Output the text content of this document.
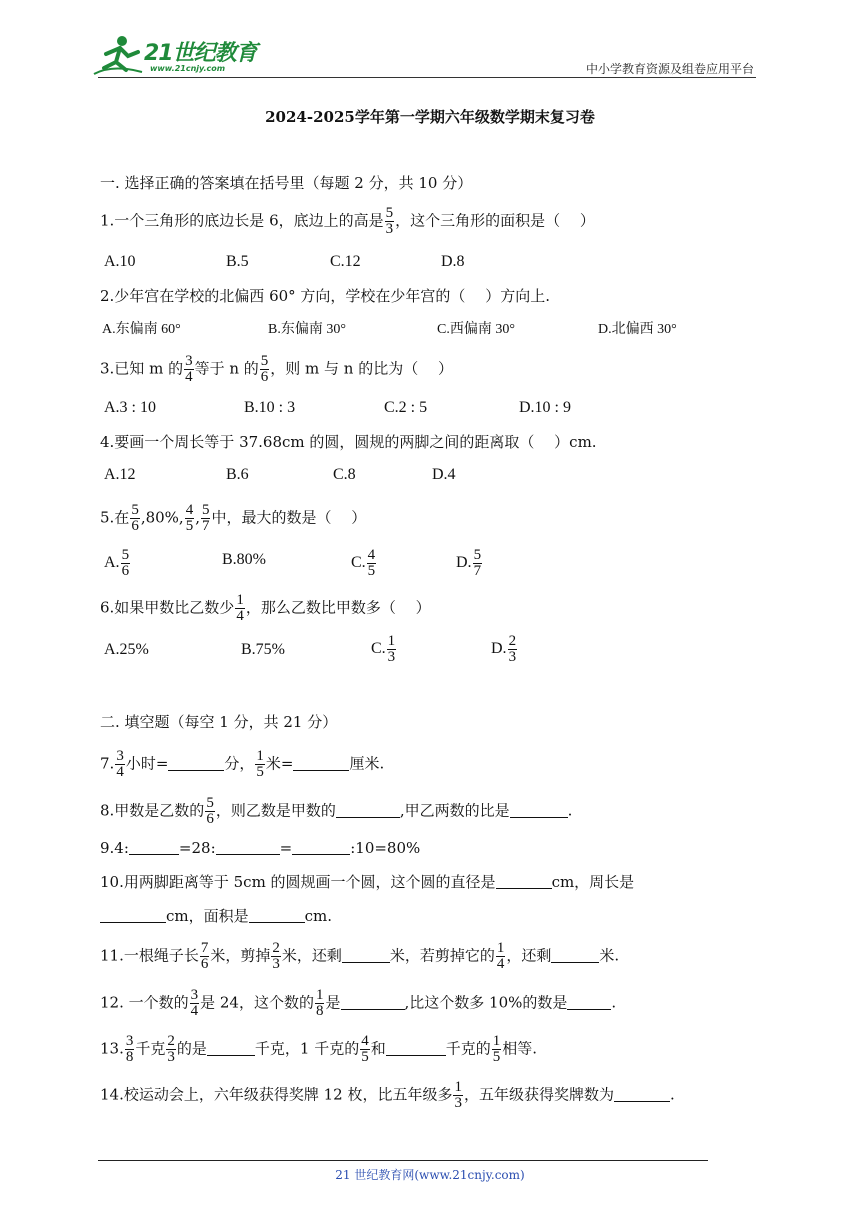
21世纪教育
www.21cnjy.com	中小学教育资源及组卷应用平台
2024-2025学年第一学期六年级数学期末复习卷
一. 选择正确的答案填在括号里（每题 2 分，共 10 分）
1.一个三角形的底边长是 6，底边上的高是 $\frac{5}{3}$ ，这个三角形的面积是（　 ）
A.10	B.5	C.12	D.8
2.少年宫在学校的北偏西 60° 方向，学校在少年宫的（　 ）方向上.
A.东偏南 60°	B.东偏南 30°	C.西偏南 30°	D.北偏西 30°
3.已知 m 的 $\frac{3}{4}$ 等于 n 的 $\frac{5}{6}$ ，则 m 与 n 的比为（　 ）
A.3 : 10	B.10 : 3	C.2 : 5	D.10 : 9
4.要画一个周长等于 37.68cm 的圆，圆规的两脚之间的距离取（　 ）cm.
A.12	B.6	C.8	D.4
5.在 $\frac{5}{6} ,80\%$, $\frac{4}{5}$ , $\frac{5}{7}$ 中，最大的数是（　 ）
A. $\frac{5}{6}$	B.80%	C. $\frac{4}{5}$	D. $\frac{5}{7}$
6.如果甲数比乙数少 $\frac{1}{4}$ ，那么乙数比甲数多（　 ）
A.25%	B.75%	C. $\frac{1}{3}$	D. $\frac{2}{3}$
二. 填空题（每空 1 分，共 21 分）
7. $\frac{3}{4}$ 小时=	分， $\frac{1}{5}$ 米=	厘米.
8.甲数是乙数的 $\frac{5}{6}$ ，则乙数是甲数的	,甲乙两数的比是	.
9.4:	=28:	=	:10=80%
10.用两脚距离等于 5cm 的圆规画一个圆，这个圆的直径是	cm，周长是
cm，面积是	cm.
11.一根绳子长 $\frac{7}{6}$ 米，剪掉 $\frac{2}{3}$ 米，还剩	米，若剪掉它的 $\frac{1}{4}$ ，还剩	米.
12. 一个数的 $\frac{3}{4}$ 是 24，这个数的 $\frac{1}{8}$ 是	,比这个数多 10%的数是	.
13. $\frac{3}{8}$ 千克 $\frac{2}{3}$ 的是	千克，1 千克的 $\frac{4}{5}$ 和	千克的 $\frac{1}{5}$ 相等.
14.校运动会上，六年级获得奖牌 12 枚，比五年级多 $\frac{1}{3}$ ，五年级获得奖牌数为	.
21 世纪教育网(www.21cnjy.com)
